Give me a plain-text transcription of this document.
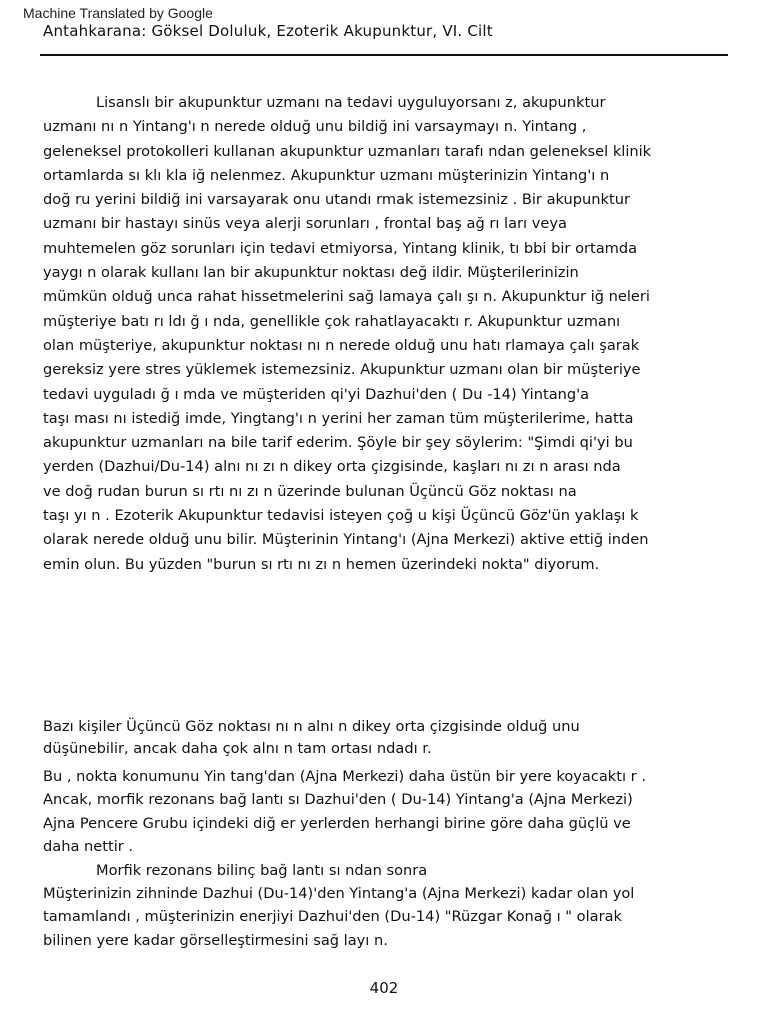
Machine Translated by Google
Antahkarana: Göksel Doluluk, Ezoterik Akupunktur, VI. Cilt
Lisanslı bir akupunktur uzmanı na tedavi uyguluyorsanı z, akupunktur
uzmanı nı n Yintang'ı n nerede olduğ unu bildiğ ini varsaymayı n. Yintang ,
geleneksel protokolleri kullanan akupunktur uzmanları tarafı ndan geleneksel klinik
ortamlarda sı klı kla iğ nelenmez. Akupunktur uzmanı müşterinizin Yintang'ı n
doğ ru yerini bildiğ ini varsayarak onu utandı rmak istemezsiniz . Bir akupunktur
uzmanı bir hastayı sinüs veya alerji sorunları , frontal baş ağ rı ları veya
muhtemelen göz sorunları için tedavi etmiyorsa, Yintang klinik, tı bbi bir ortamda
yaygı n olarak kullanı lan bir akupunktur noktası değ ildir. Müşterilerinizin
mümkün olduğ unca rahat hissetmelerini sağ lamaya çalı şı n. Akupunktur iğ neleri
müşteriye batı rı ldı ğ ı nda, genellikle çok rahatlayacaktı r. Akupunktur uzmanı
olan müşteriye, akupunktur noktası nı n nerede olduğ unu hatı rlamaya çalı şarak
gereksiz yere stres yüklemek istemezsiniz. Akupunktur uzmanı olan bir müşteriye
tedavi uyguladı ğ ı mda ve müşteriden qi'yi Dazhui'den ( Du -14) Yintang'a
taşı ması nı istediğ imde, Yingtang'ı n yerini her zaman tüm müşterilerime, hatta
akupunktur uzmanları na bile tarif ederim. Şöyle bir şey söylerim: "Şimdi qi'yi bu
yerden (Dazhui/Du-14) alnı nı zı n dikey orta çizgisinde, kaşları nı zı n arası nda
ve doğ rudan burun sı rtı nı zı n üzerinde bulunan Üçüncü Göz noktası na
taşı yı n . Ezoterik Akupunktur tedavisi isteyen çoğ u kişi Üçüncü Göz'ün yaklaşı k
olarak nerede olduğ unu bilir. Müşterinin Yintang'ı (Ajna Merkezi) aktive ettiğ inden
emin olun. Bu yüzden "burun sı rtı nı zı n hemen üzerindeki nokta" diyorum.
Bazı kişiler Üçüncü Göz noktası nı n alnı n dikey orta çizgisinde olduğ unu
düşünebilir, ancak daha çok alnı n tam ortası ndadı r.
Bu , nokta konumunu Yin tang'dan (Ajna Merkezi) daha üstün bir yere koyacaktı r .
Ancak, morfik rezonans bağ lantı sı Dazhui'den ( Du-14) Yintang'a (Ajna Merkezi)
Ajna Pencere Grubu içindeki diğ er yerlerden herhangi birine göre daha güçlü ve
daha nettir .
Morfik rezonans bilinç bağ lantı sı ndan sonra
Müşterinizin zihninde Dazhui (Du-14)'den Yintang'a (Ajna Merkezi) kadar olan yol
tamamlandı , müşterinizin enerjiyi Dazhui'den (Du-14) "Rüzgar Konağ ı " olarak
bilinen yere kadar görselleştirmesini sağ layı n.
402
